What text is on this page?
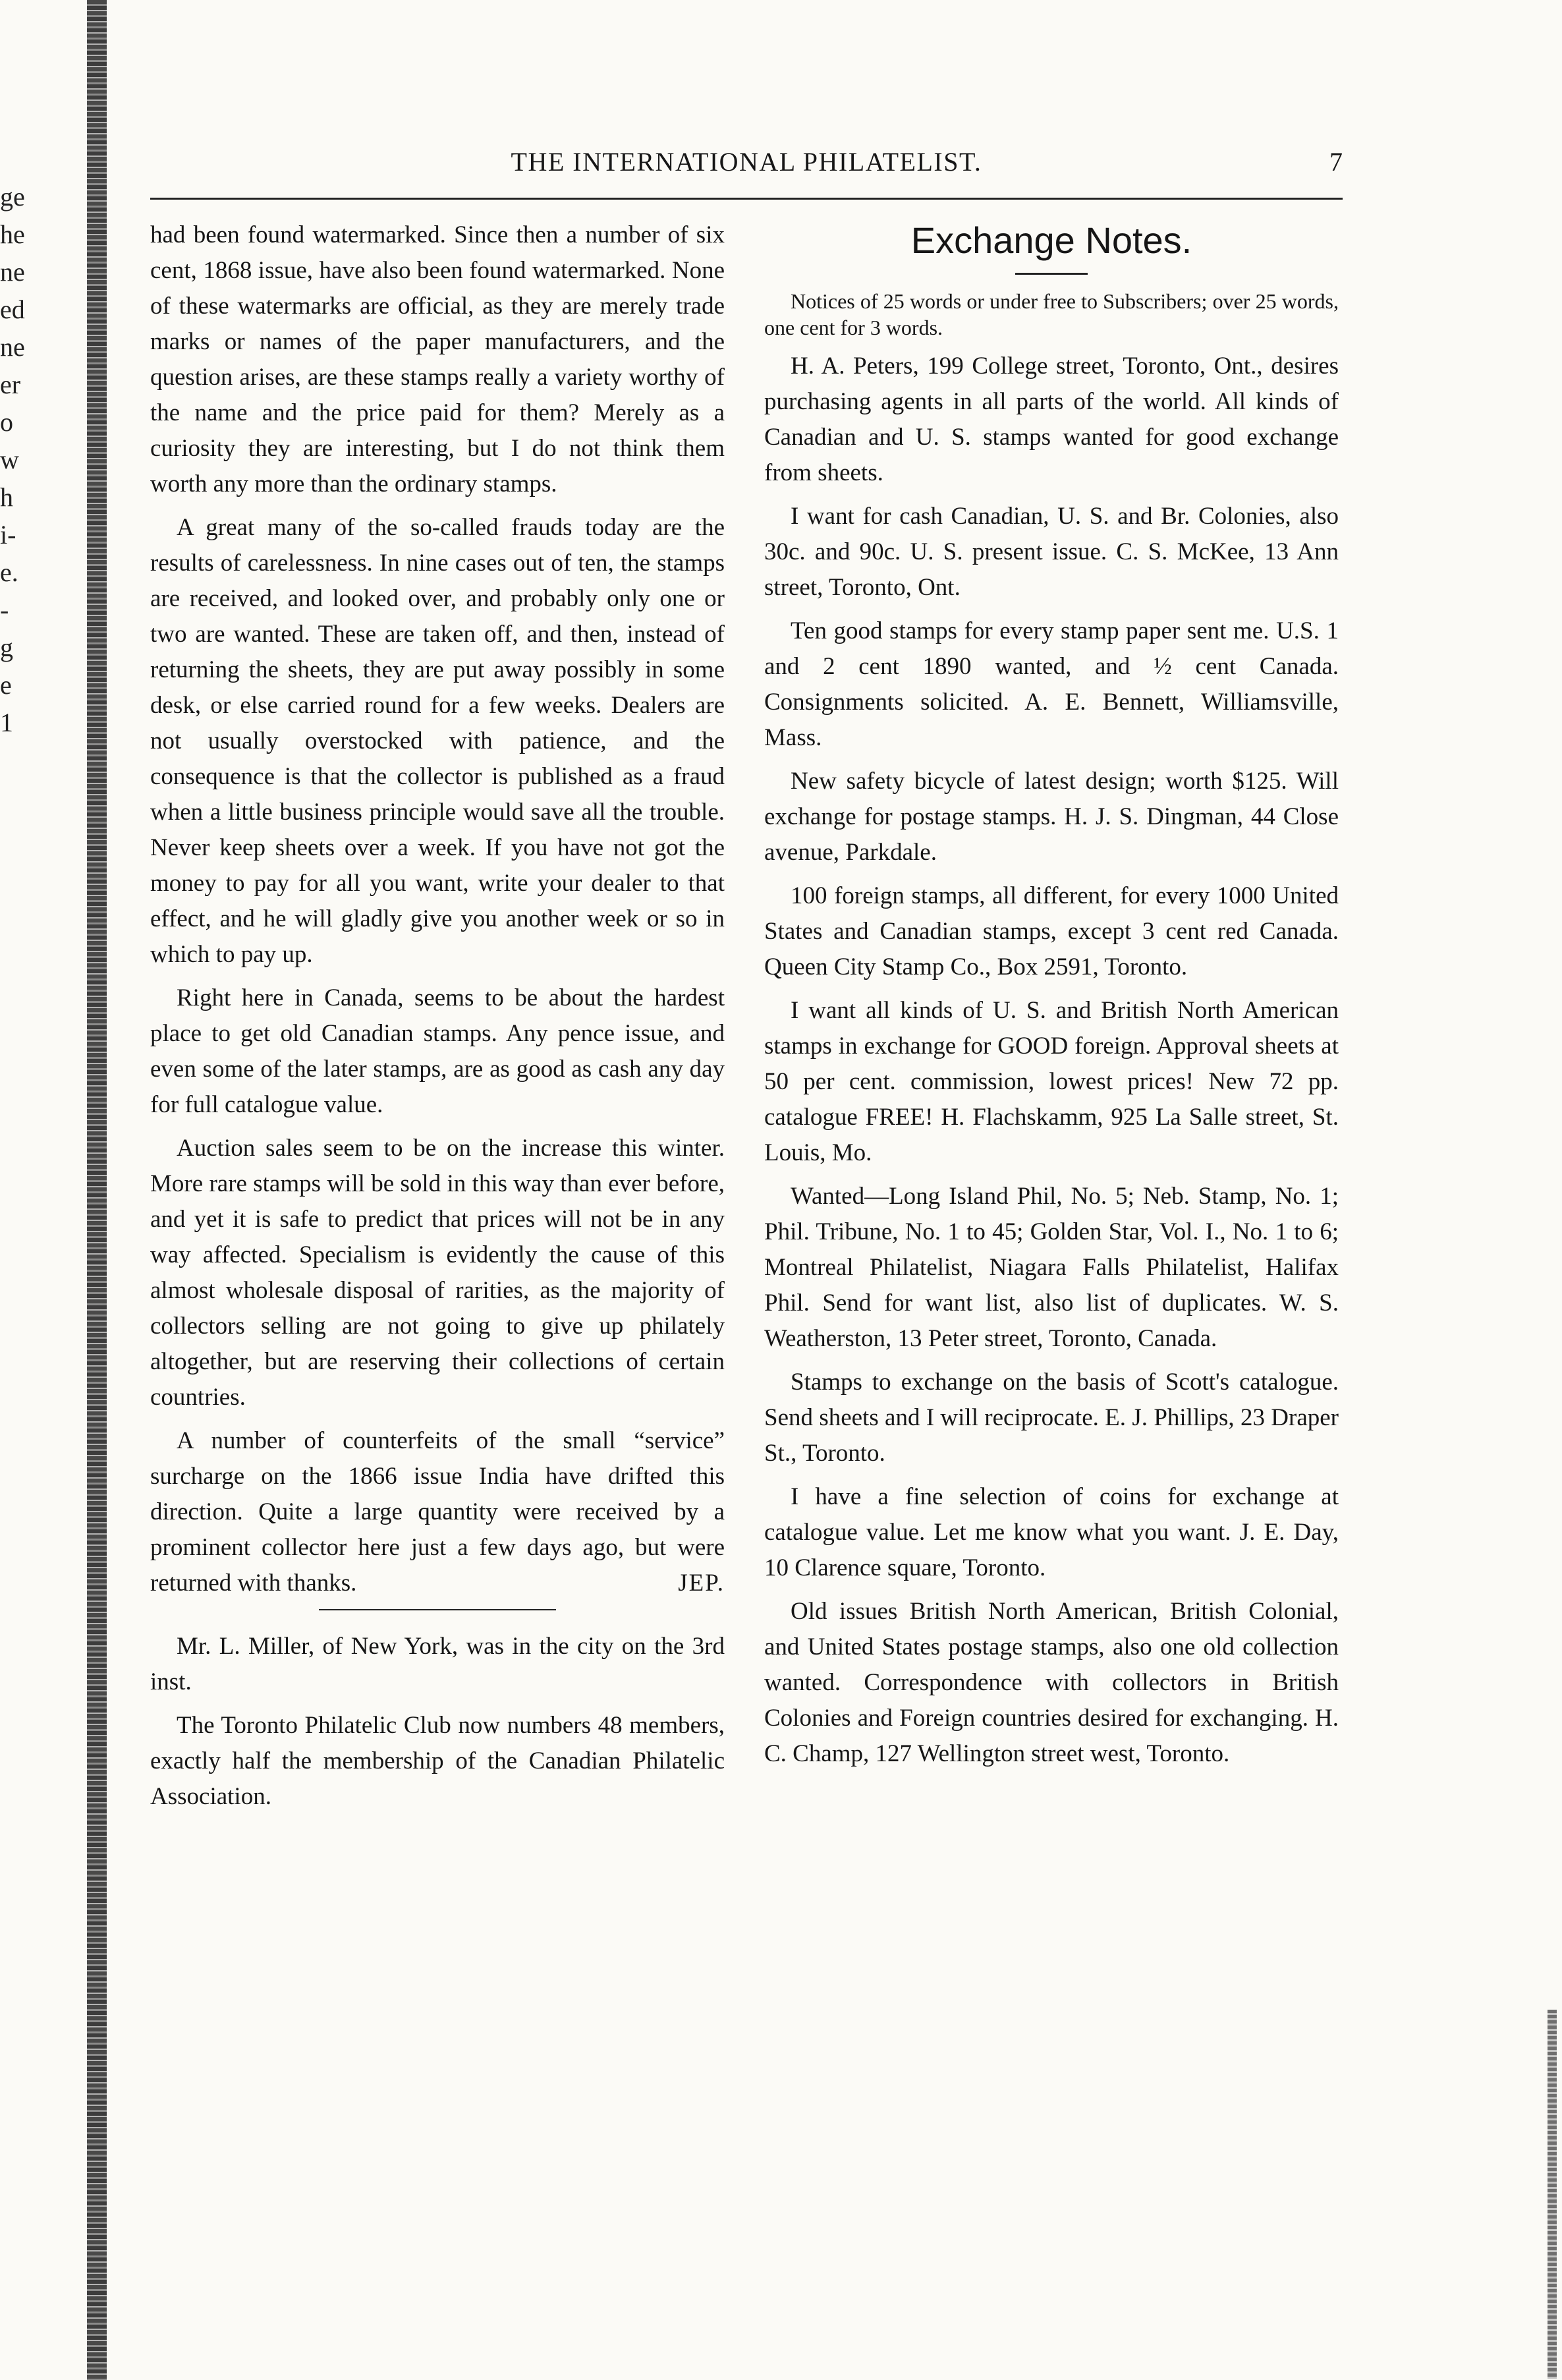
ge
he
ne
ed
ne
er
o
w
h
i-
e.
-
g
e
1
THE INTERNATIONAL PHILATELIST.	7

had been found watermarked. Since then a number of six cent, 1868 issue, have also been found watermarked. None of these watermarks are official, as they are merely trade marks or names of the paper manufacturers, and the question arises, are these stamps really a variety worthy of the name and the price paid for them? Merely as a curiosity they are interesting, but I do not think them worth any more than the ordinary stamps.

A great many of the so-called frauds today are the results of carelessness. In nine cases out of ten, the stamps are received, and looked over, and probably only one or two are wanted. These are taken off, and then, instead of returning the sheets, they are put away possibly in some desk, or else carried round for a few weeks. Dealers are not usually overstocked with patience, and the consequence is that the collector is published as a fraud when a little business principle would save all the trouble. Never keep sheets over a week. If you have not got the money to pay for all you want, write your dealer to that effect, and he will gladly give you another week or so in which to pay up.

Right here in Canada, seems to be about the hardest place to get old Canadian stamps. Any pence issue, and even some of the later stamps, are as good as cash any day for full catalogue value.

Auction sales seem to be on the increase this winter. More rare stamps will be sold in this way than ever before, and yet it is safe to predict that prices will not be in any way affected. Specialism is evidently the cause of this almost wholesale disposal of rarities, as the majority of collectors selling are not going to give up philately altogether, but are reserving their collections of certain countries.

A number of counterfeits of the small “service” surcharge on the 1866 issue India have drifted this direction. Quite a large quantity were received by a prominent collector here just a few days ago, but were returned with thanks.	JEP.

Mr. L. Miller, of New York, was in the city on the 3rd inst.

The Toronto Philatelic Club now numbers 48 members, exactly half the membership of the Canadian Philatelic Association.

Exchange Notes.

Notices of 25 words or under free to Subscribers; over 25 words, one cent for 3 words.

H. A. Peters, 199 College street, Toronto, Ont., desires purchasing agents in all parts of the world. All kinds of Canadian and U. S. stamps wanted for good exchange from sheets.

I want for cash Canadian, U. S. and Br. Colonies, also 30c. and 90c. U. S. present issue. C. S. McKee, 13 Ann street, Toronto, Ont.

Ten good stamps for every stamp paper sent me. U.S. 1 and 2 cent 1890 wanted, and ½ cent Canada. Consignments solicited. A. E. Bennett, Williamsville, Mass.

New safety bicycle of latest design; worth $125. Will exchange for postage stamps. H. J. S. Dingman, 44 Close avenue, Parkdale.

100 foreign stamps, all different, for every 1000 United States and Canadian stamps, except 3 cent red Canada. Queen City Stamp Co., Box 2591, Toronto.

I want all kinds of U. S. and British North American stamps in exchange for GOOD foreign. Approval sheets at 50 per cent. commission, lowest prices! New 72 pp. catalogue FREE! H. Flachskamm, 925 La Salle street, St. Louis, Mo.

Wanted—Long Island Phil, No. 5; Neb. Stamp, No. 1; Phil. Tribune, No. 1 to 45; Golden Star, Vol. I., No. 1 to 6; Montreal Philatelist, Niagara Falls Philatelist, Halifax Phil. Send for want list, also list of duplicates. W. S. Weatherston, 13 Peter street, Toronto, Canada.

Stamps to exchange on the basis of Scott's catalogue. Send sheets and I will reciprocate. E. J. Phillips, 23 Draper St., Toronto.

I have a fine selection of coins for exchange at catalogue value. Let me know what you want. J. E. Day, 10 Clarence square, Toronto.

Old issues British North American, British Colonial, and United States postage stamps, also one old collection wanted. Correspondence with collectors in British Colonies and Foreign countries desired for exchanging. H. C. Champ, 127 Wellington street west, Toronto.
